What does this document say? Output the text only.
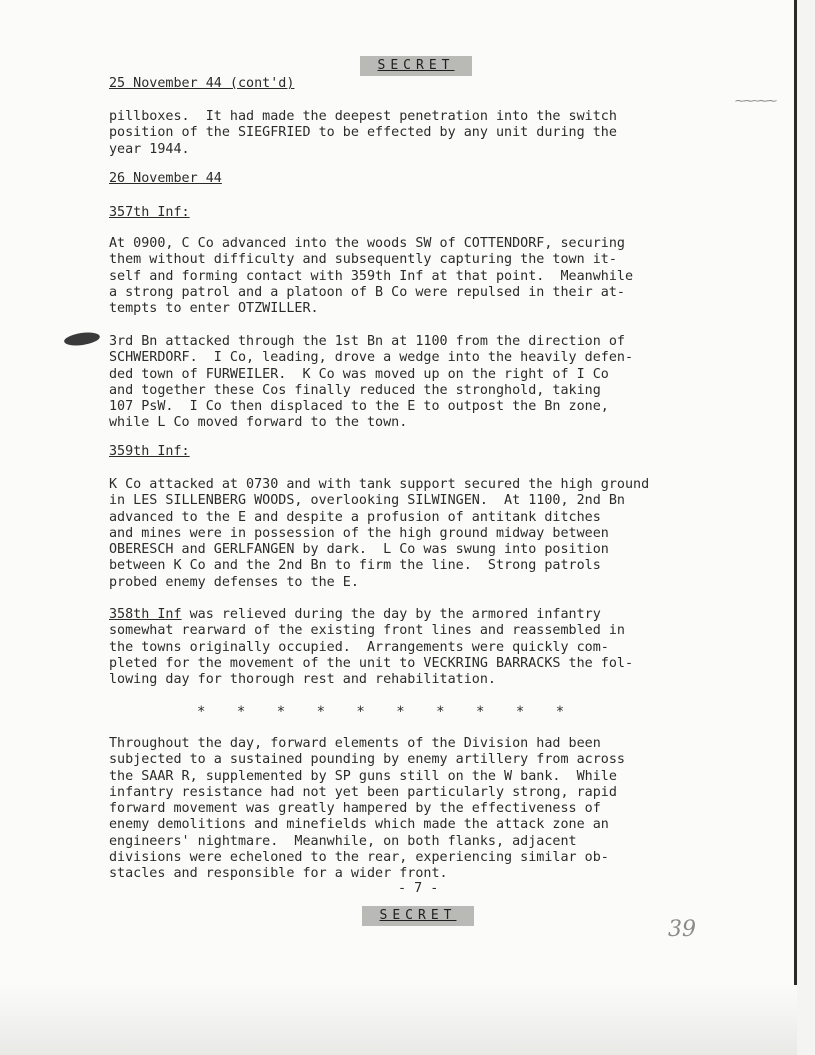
⁓⁓~⁓⁓
SECRET

25 November 44 (cont'd)

pillboxes.  It had made the deepest penetration into the switch
position of the SIEGFRIED to be effected by any unit during the
year 1944.

26 November 44

357th Inf:

At 0900, C Co advanced into the woods SW of COTTENDORF, securing
them without difficulty and subsequently capturing the town it-
self and forming contact with 359th Inf at that point.  Meanwhile
a strong patrol and a platoon of B Co were repulsed in their at-
tempts to enter OTZWILLER.

3rd Bn attacked through the 1st Bn at 1100 from the direction of
SCHWERDORF.  I Co, leading, drove a wedge into the heavily defen-
ded town of FURWEILER.  K Co was moved up on the right of I Co
and together these Cos finally reduced the stronghold, taking
107 PsW.  I Co then displaced to the E to outpost the Bn zone,
while L Co moved forward to the town.

359th Inf:

K Co attacked at 0730 and with tank support secured the high ground
in LES SILLENBERG WOODS, overlooking SILWINGEN.  At 1100, 2nd Bn
advanced to the E and despite a profusion of antitank ditches
and mines were in possession of the high ground midway between
OBERESCH and GERLFANGEN by dark.  L Co was swung into position
between K Co and the 2nd Bn to firm the line.  Strong patrols
probed enemy defenses to the E.

358th Inf was relieved during the day by the armored infantry
somewhat rearward of the existing front lines and reassembled in
the towns originally occupied.  Arrangements were quickly com-
pleted for the movement of the unit to VECKRING BARRACKS the fol-
lowing day for thorough rest and rehabilitation.

* * * * * * * * * *

Throughout the day, forward elements of the Division had been
subjected to a sustained pounding by enemy artillery from across
the SAAR R, supplemented by SP guns still on the W bank.  While
infantry resistance had not yet been particularly strong, rapid
forward movement was greatly hampered by the effectiveness of
enemy demolitions and minefields which made the attack zone an
engineers' nightmare.  Meanwhile, on both flanks, adjacent
divisions were echeloned to the rear, experiencing similar ob-
stacles and responsible for a wider front.

- 7 -
SECRET
39
